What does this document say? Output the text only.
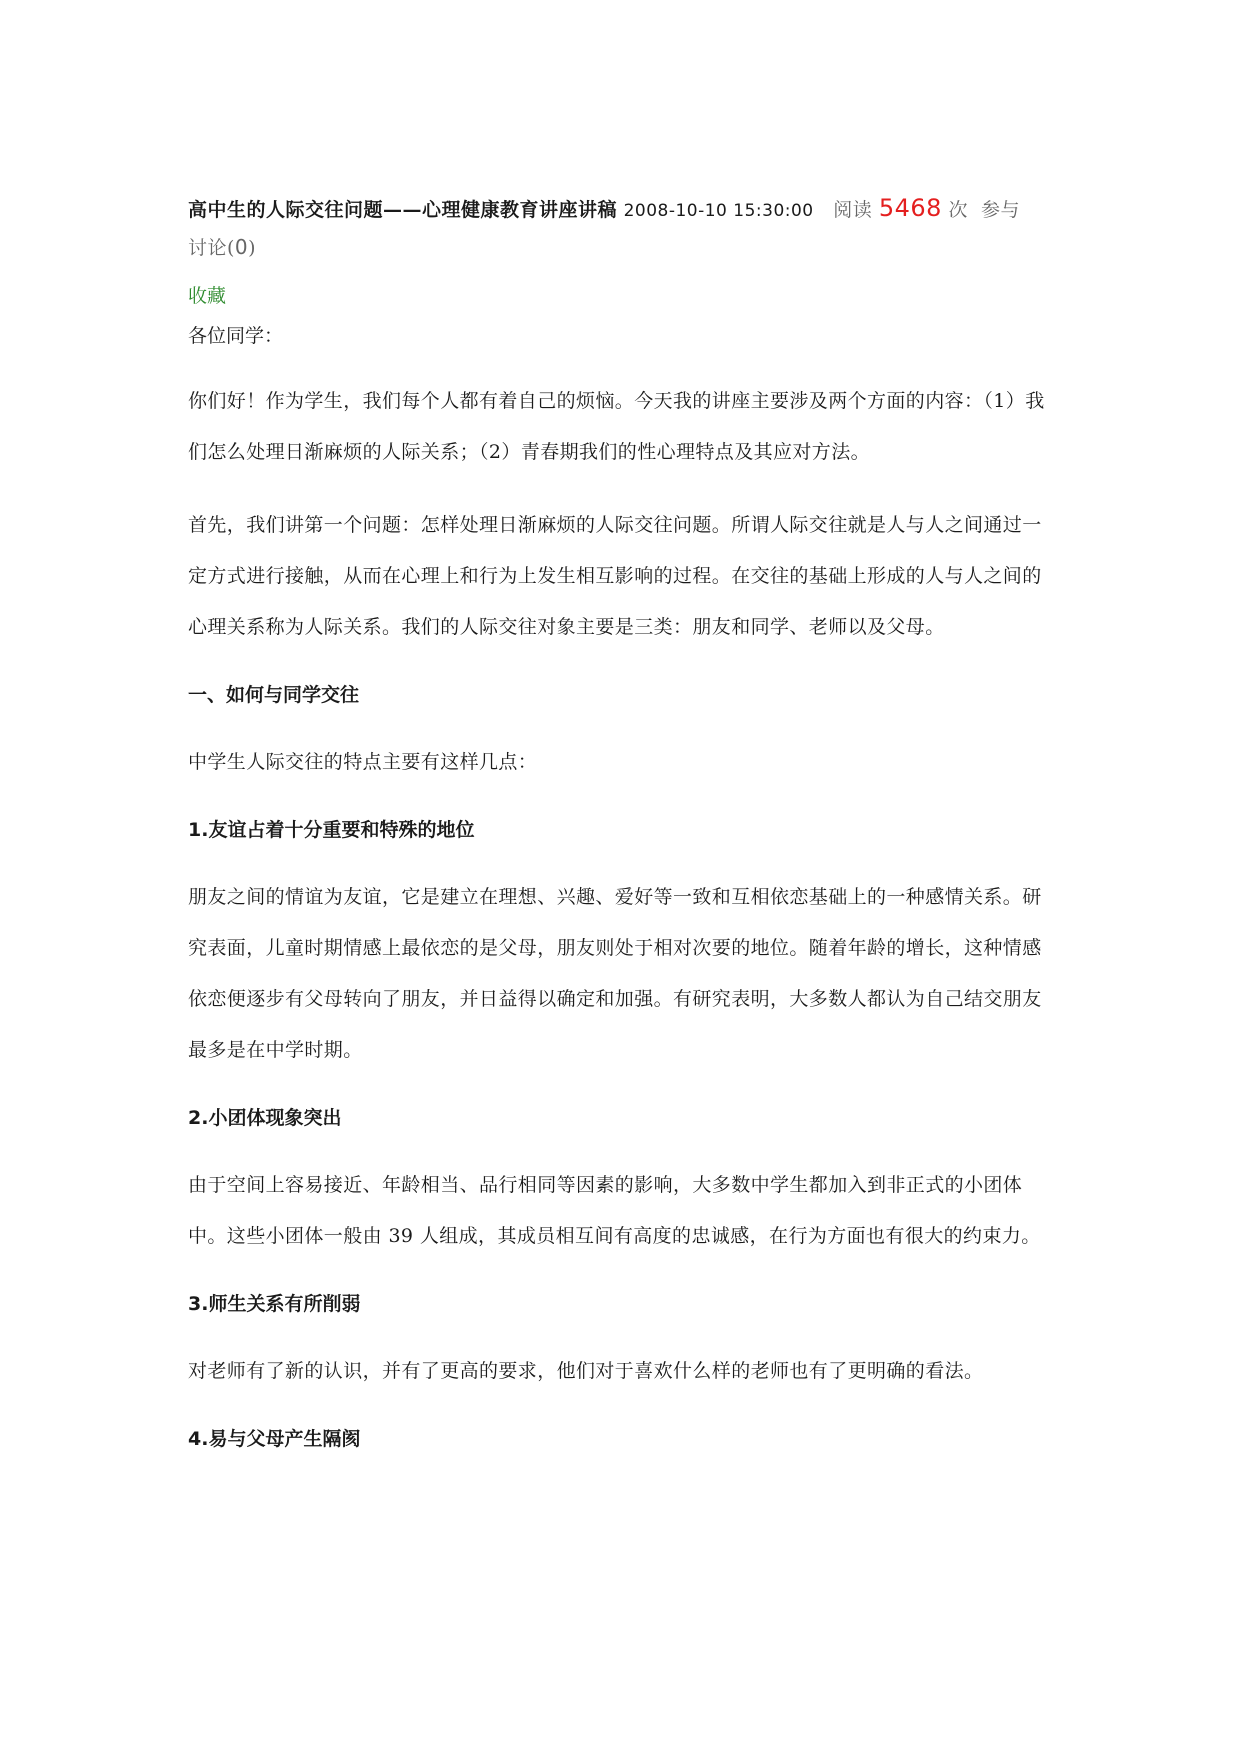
高中生的人际交往问题——心理健康教育讲座讲稿 2008-10-10 15:30:00 阅读 5468 次 参与
讨论(0)
收藏
各位同学：

你们好！作为学生，我们每个人都有着自己的烦恼。今天我的讲座主要涉及两个方面的内容：（1）我们怎么处理日渐麻烦的人际关系；（2）青春期我们的性心理特点及其应对方法。

首先，我们讲第一个问题：怎样处理日渐麻烦的人际交往问题。所谓人际交往就是人与人之间通过一定方式进行接触，从而在心理上和行为上发生相互影响的过程。在交往的基础上形成的人与人之间的心理关系称为人际关系。我们的人际交往对象主要是三类：朋友和同学、老师以及父母。

一、如何与同学交往

中学生人际交往的特点主要有这样几点：

1.友谊占着十分重要和特殊的地位

朋友之间的情谊为友谊，它是建立在理想、兴趣、爱好等一致和互相依恋基础上的一种感情关系。研究表面，儿童时期情感上最依恋的是父母，朋友则处于相对次要的地位。随着年龄的增长，这种情感依恋便逐步有父母转向了朋友，并日益得以确定和加强。有研究表明，大多数人都认为自己结交朋友最多是在中学时期。

2.小团体现象突出

由于空间上容易接近、年龄相当、品行相同等因素的影响，大多数中学生都加入到非正式的小团体中。这些小团体一般由 39 人组成，其成员相互间有高度的忠诚感，在行为方面也有很大的约束力。

3.师生关系有所削弱

对老师有了新的认识，并有了更高的要求，他们对于喜欢什么样的老师也有了更明确的看法。

4.易与父母产生隔阂
